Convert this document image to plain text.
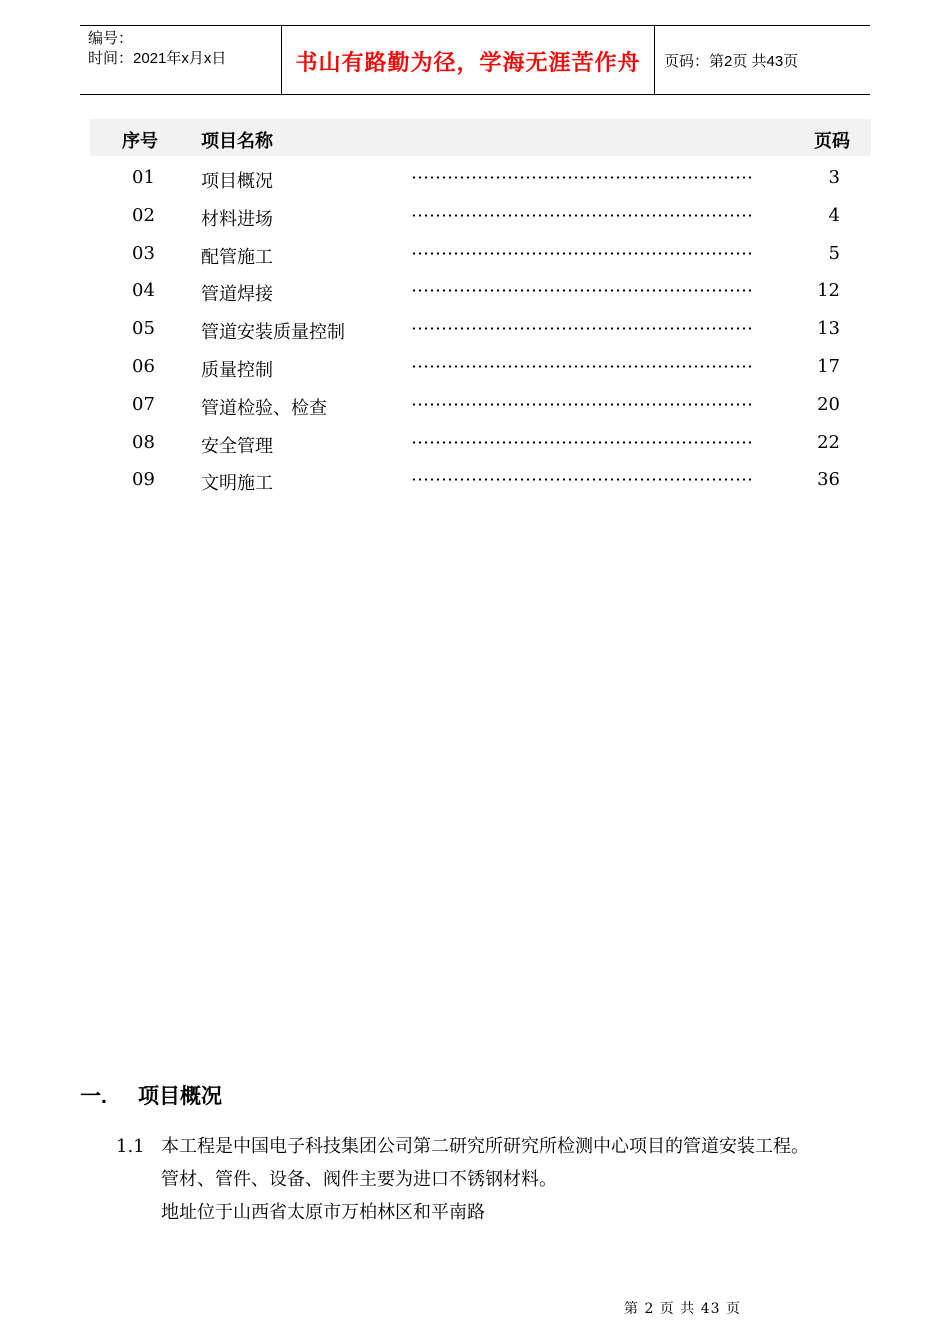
编号：
时间：2021年x月x日	书山有路勤为径，学海无涯苦作舟	页码：第2页 共43页
序号 项目名称	页码
01	项目概况	3
02	材料进场	4
03	配管施工	5
04	管道焊接	12
05	管道安装质量控制	13
06	质量控制	17
07	管道检验、检查	20
08	安全管理	22
09	文明施工	36
一. 项目概况
1.1 本工程是中国电子科技集团公司第二研究所研究所检测中心项目的管道安装工程。
管材、管件、设备、阀件主要为进口不锈钢材料。
地址位于山西省太原市万柏林区和平南路
第 2 页 共 43 页
